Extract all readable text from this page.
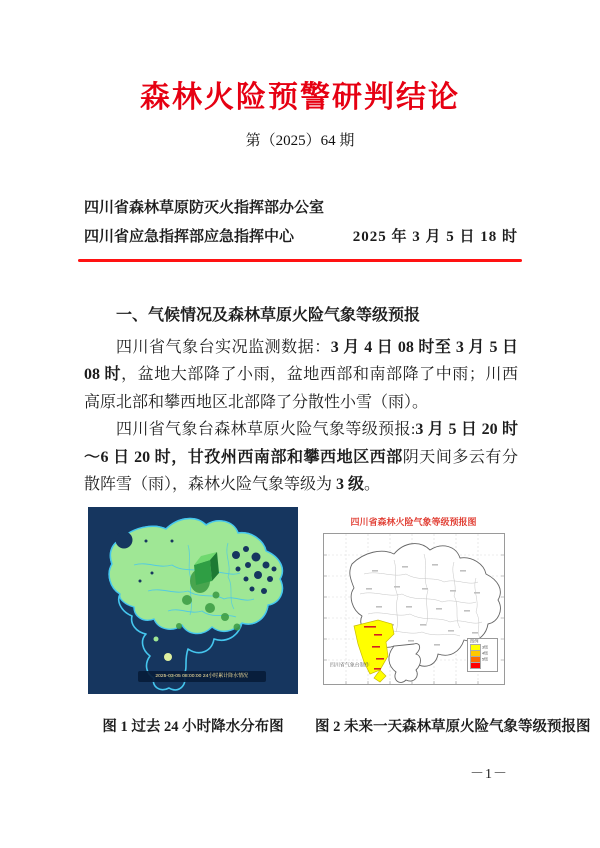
森林火险预警研判结论
第（2025）64 期
四川省森林草原防灭火指挥部办公室
四川省应急指挥部应急指挥中心	2025 年 3 月 5 日 18 时

一、气候情况及森林草原火险气象等级预报

四川省气象台实况监测数据：3 月 4 日 08 时至 3 月 5 日 08 时，盆地大部降了小雨，盆地西部和南部降了中雨；川西高原北部和攀西地区北部降了分散性小雪（雨）。

四川省气象台森林草原火险气象等级预报:3 月 5 日 20 时～6 日 20 时，甘孜州西南部和攀西地区西部阴天间多云有分散阵雪（雨），森林火险气象等级为 3 级。

2025-03-05 08:00:00 24小时累计降水情况
四川省森林火险气象等级预报图
四川省气象台制作
图例
3级
4级
5级
图 1 过去 24 小时降水分布图	图 2 未来一天森林草原火险气象等级预报图
－1－
